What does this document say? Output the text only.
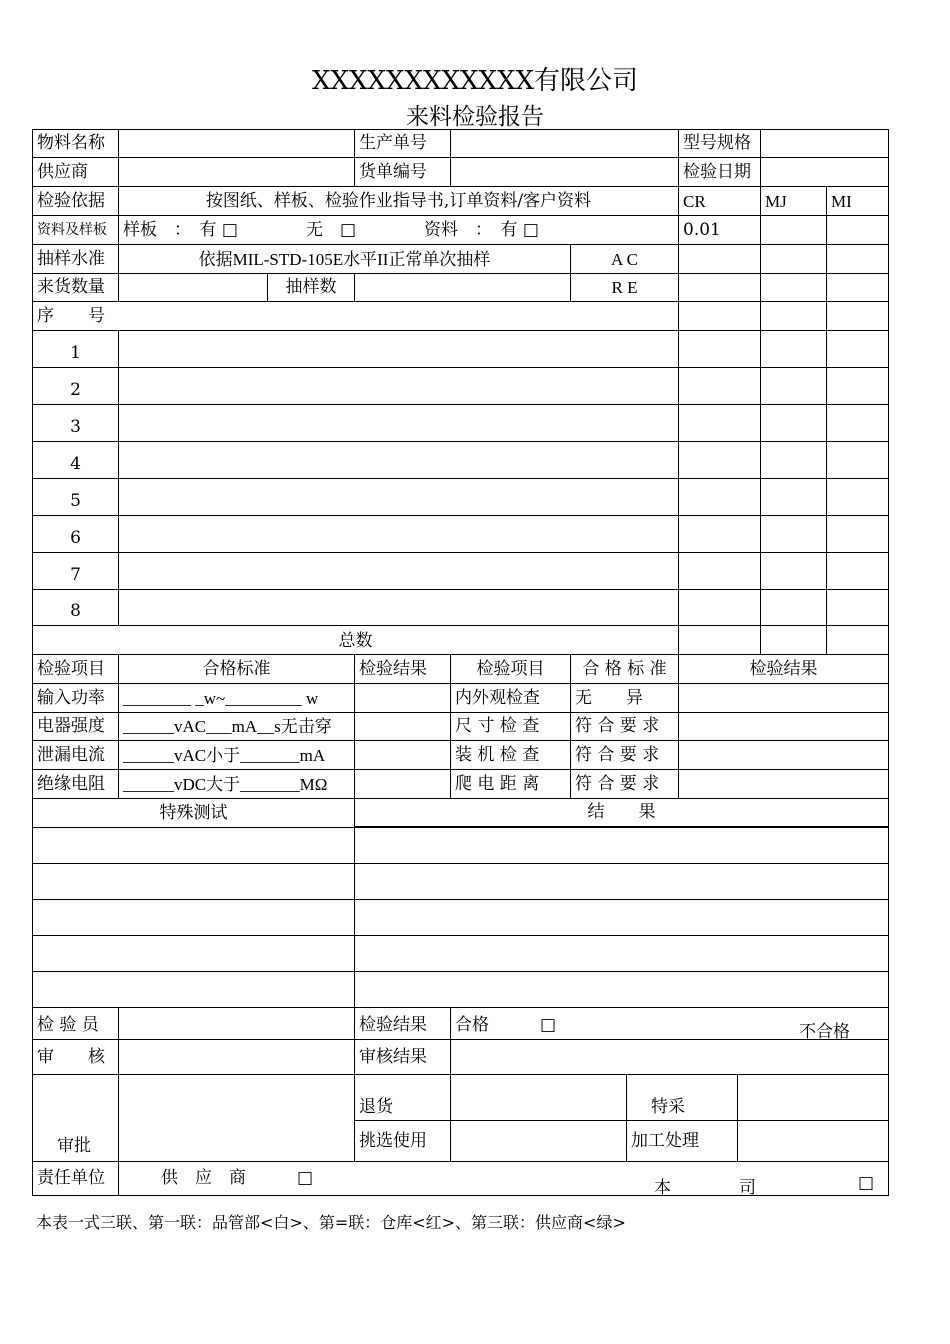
XXXXXXXXXXXX有限公司
来料检验报告
物料名称	生产单号	型号规格
供应商	货单编号	检验日期
检验依据	按图纸、样板、检验作业指导书,订单资料/客户资料	CR	MJ	MI
资料及样板 样板　：　有 □　　　　无　□　　　　资料　：　有 □	0.01
抽样水准	依据MIL-STD-105E水平II正常单次抽样	A C
来货数量	抽样数	R E
序　　号
1
2
3
4
5
6
7
8
总数
检验项目	合格标准	检验结果	检验项目	合 格 标 准	检验结果
输入功率	________ _w~_________ w	内外观检查	无　　异
电器强度	______vAC___mA__s无击穿	尺 寸 检 查	符 合 要 求
泄漏电流	______vAC小于_______mA	装 机 检 查	符 合 要 求
绝缘电阻	______vDC大于_______MΩ	爬 电 距 离	符 合 要 求
特殊测试	结　　果
检 验 员	检验结果	合格　　　□	不合格
审　　核	审核结果
审批
退货	特采
挑选使用	加工处理
责任单位	供　应　商　　　□	本　　　　司	□
本表一式三联、第一联：品管部<白>、第=联：仓库<红>、第三联：供应商<绿>
